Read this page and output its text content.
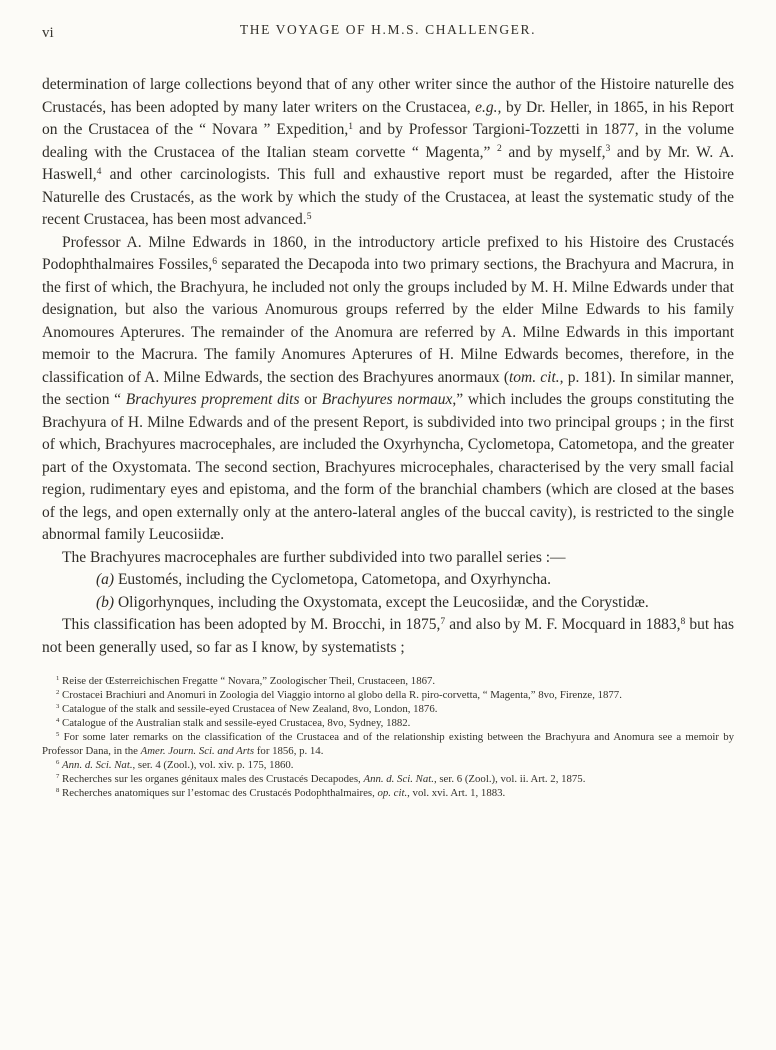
vi	THE VOYAGE OF H.M.S. CHALLENGER.

determination of large collections beyond that of any other writer since the author of the Histoire naturelle des Crustacés, has been adopted by many later writers on the Crustacea, e.g., by Dr. Heller, in 1865, in his Report on the Crustacea of the “ Novara ” Expedition,$^1$ and by Professor Targioni-Tozzetti in 1877, in the volume dealing with the Crustacea of the Italian steam corvette “ Magenta,” $^2$ and by myself,$^3$ and by Mr. W. A. Haswell,$^4$ and other carcinologists. This full and exhaustive report must be regarded, after the Histoire Naturelle des Crustacés, as the work by which the study of the Crustacea, at least the systematic study of the recent Crustacea, has been most advanced.$^5$

Professor A. Milne Edwards in 1860, in the introductory article prefixed to his Histoire des Crustacés Podophthalmaires Fossiles,$^6$ separated the Decapoda into two primary sections, the Brachyura and Macrura, in the first of which, the Brachyura, he included not only the groups included by M. H. Milne Edwards under that designation, but also the various Anomurous groups referred by the elder Milne Edwards to his family Anomoures Apterures. The remainder of the Anomura are referred by A. Milne Edwards in this important memoir to the Macrura. The family Anomures Apterures of H. Milne Edwards becomes, therefore, in the classification of A. Milne Edwards, the section des Brachyures anormaux (tom. cit., p. 181). In similar manner, the section “ Brachyures proprement dits or Brachyures normaux,” which includes the groups constituting the Brachyura of H. Milne Edwards and of the present Report, is subdivided into two principal groups ; in the first of which, Brachyures macrocephales, are included the Oxyrhyncha, Cyclometopa, Catometopa, and the greater part of the Oxystomata. The second section, Brachyures microcephales, characterised by the very small facial region, rudimentary eyes and epistoma, and the form of the branchial chambers (which are closed at the bases of the legs, and open externally only at the antero-lateral angles of the buccal cavity), is restricted to the single abnormal family Leucosiidæ.

The Brachyures macrocephales are further subdivided into two parallel series :—

(a) Eustomés, including the Cyclometopa, Catometopa, and Oxyrhyncha.
(b) Oligorhynques, including the Oxystomata, except the Leucosiidæ, and the Corystidæ.

This classification has been adopted by M. Brocchi, in 1875,$^7$ and also by M. F. Mocquard in 1883,$^8$ but has not been generally used, so far as I know, by systematists ;

$^1$ Reise der Œsterreichischen Fregatte “ Novara,” Zoologischer Theil, Crustaceen, 1867.
$^2$ Crostacei Brachiuri and Anomuri in Zoologia del Viaggio intorno al globo della R. piro-corvetta, “ Magenta,” 8vo, Firenze, 1877.
$^3$ Catalogue of the stalk and sessile-eyed Crustacea of New Zealand, 8vo, London, 1876.
$^4$ Catalogue of the Australian stalk and sessile-eyed Crustacea, 8vo, Sydney, 1882.
$^5$ For some later remarks on the classification of the Crustacea and of the relationship existing between the Brachyura and Anomura see a memoir by Professor Dana, in the Amer. Journ. Sci. and Arts for 1856, p. 14.
$^6$ Ann. d. Sci. Nat., ser. 4 (Zool.), vol. xiv. p. 175, 1860.
$^7$ Recherches sur les organes génitaux males des Crustacés Decapodes, Ann. d. Sci. Nat., ser. 6 (Zool.), vol. ii. Art. 2, 1875.
$^8$ Recherches anatomiques sur l’estomac des Crustacés Podophthalmaires, op. cit., vol. xvi. Art. 1, 1883.
